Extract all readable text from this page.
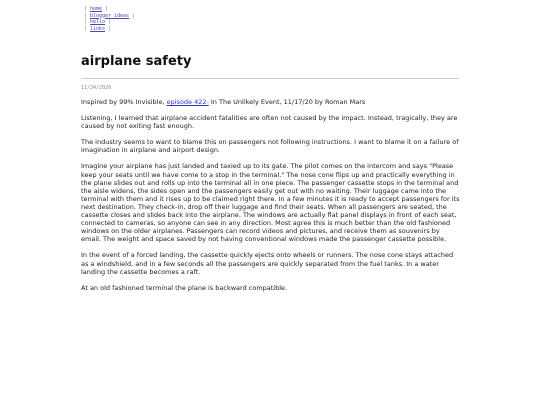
| home |
| blogger ideas |
| hello |
| links |
airplane safety
11/24/2020

Inspired by 99% Invisible, episode 422- In The Unlikely Event, 11/17/20 by Roman Mars

Listening, I learned that airplane accident fatalities are often not caused by the impact. Instead, tragically, they are caused by not exiting fast enough.

The industry seems to want to blame this on passengers not following instructions. I want to blame it on a failure of imagination in airplane and airport design.

Imagine your airplane has just landed and taxied up to its gate. The pilot comes on the intercom and says "Please keep your seats until we have come to a stop in the terminal." The nose cone flips up and practically everything in the plane slides out and rolls up into the terminal all in one piece. The passenger cassette stops in the terminal and the aisle widens, the sides open and the passengers easily get out with no waiting. Their luggage came into the terminal with them and it rises up to be claimed right there. In a few minutes it is ready to accept passengers for its next destination. They check-in, drop off their luggage and find their seats. When all passengers are seated, the cassette closes and slides back into the airplane. The windows are actually flat panel displays in front of each seat, connected to cameras, so anyone can see in any direction. Most agree this is much better than the old fashioned windows on the older airplanes. Passengers can record videos and pictures, and receive them as souvenirs by email. The weight and space saved by not having conventional windows made the passenger cassette possible.

In the event of a forced landing, the cassette quickly ejects onto wheels or runners. The nose cone stays attached as a windshield, and in a few seconds all the passengers are quickly separated from the fuel tanks. In a water landing the cassette becomes a raft.

At an old fashioned terminal the plane is backward compatible.
